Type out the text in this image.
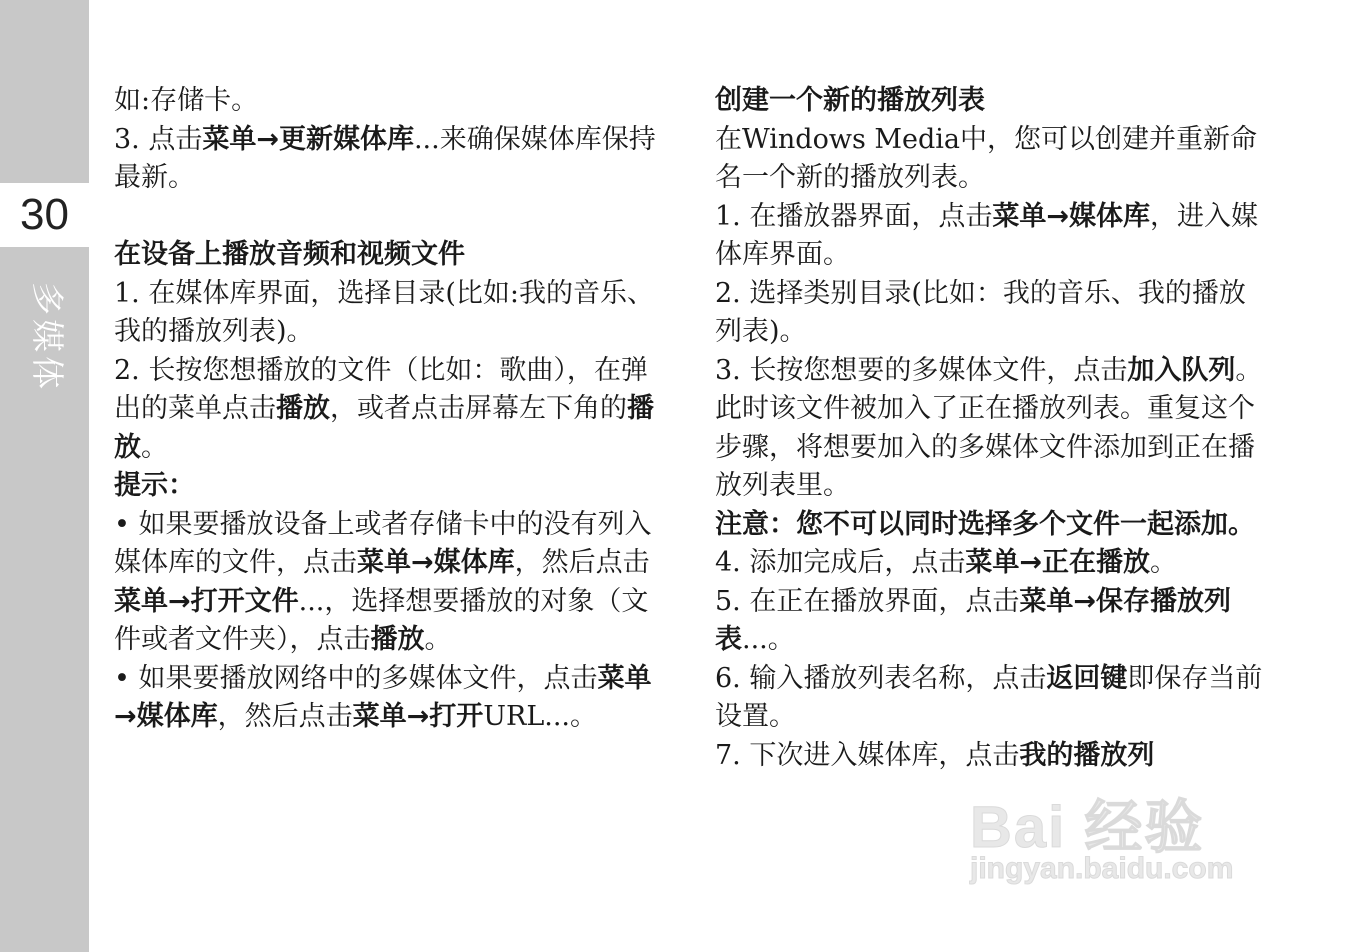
30
多媒体

如:存储卡。

3. 点击菜单→更新媒体库...来确保媒体库保持最新。

在设备上播放音频和视频文件

1. 在媒体库界面，选择目录(比如:我的音乐、我的播放列表)。

2. 长按您想播放的文件（比如：歌曲），在弹出的菜单点击播放，或者点击屏幕左下角的播放。

提示：

• 如果要播放设备上或者存储卡中的没有列入媒体库的文件，点击菜单→媒体库，然后点击菜单→打开文件...，选择想要播放的对象（文件或者文件夹），点击播放。

• 如果要播放网络中的多媒体文件，点击菜单→媒体库，然后点击菜单→打开URL...。

创建一个新的播放列表

在Windows Media中，您可以创建并重新命名一个新的播放列表。

1. 在播放器界面，点击菜单→媒体库，进入媒体库界面。

2. 选择类别目录(比如：我的音乐、我的播放列表)。

3. 长按您想要的多媒体文件，点击加入队列。此时该文件被加入了正在播放列表。重复这个步骤，将想要加入的多媒体文件添加到正在播放列表里。

注意：您不可以同时选择多个文件一起添加。

4. 添加完成后，点击菜单→正在播放。

5. 在正在播放界面，点击菜单→保存播放列表...。

6. 输入播放列表名称，点击返回键即保存当前设置。

7. 下次进入媒体库，点击我的播放列

Bai 经验
jingyan.baidu.com
